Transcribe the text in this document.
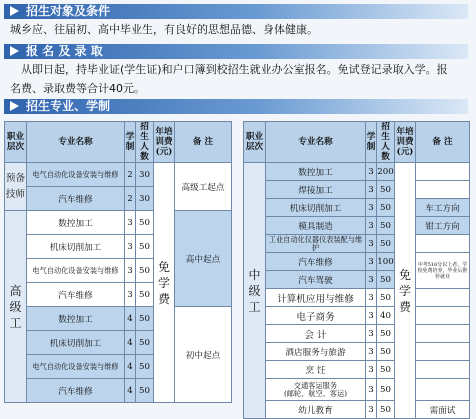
招生对象及条件
城乡应、往届初、高中毕业生，有良好的思想品德、身体健康。
报 名 及 录 取
从即日起，持毕业证(学生证)和户口簿到校招生就业办公室报名。免试登记录取入学。报
名费、录取费等合计40元。
招生专业、学制
职业层次	专业名称	学制	招生人数	年培训费(元)	备 注

预备
技师	电气自动化设备安装与维修	2	30	免
学
费	高级工起点
	汽车维修	2	30		

高
级
工	数控加工	3	50		高中起点
	机床切削加工	3	50		
	电气自动化设备安装与维修	3	50		
	汽车维修	3	50		
	数控加工	4	50		初中起点
	机床切削加工	4	50		
	电气自动化设备安装与维修	4	50		
	汽车维修	4	50		
职业层次	专业名称	学制	招生人数	年培训费(元)	备 注

中
级
工	数控加工	3	200	免
学
费	

	焊接加工	3	50		
	机床切削加工	3	50		车工方向
	模具制造	3	50		钳工方向
	工业自动化仪器仪表装配与维护	3	50		
	汽车维修	3	100		中考516分以上者，学校免费培养，毕业后推荐就业
	汽车驾驶	3	50		
	计算机应用与维修	3	50		
	电子商务	3	40		
	会 计	3	50		
	酒店服务与旅游	3	50		
	烹 饪	3	50		
	交通客运服务
(邮轮、航空、客运)	3	50		
	幼儿教育	3	50		需面试
